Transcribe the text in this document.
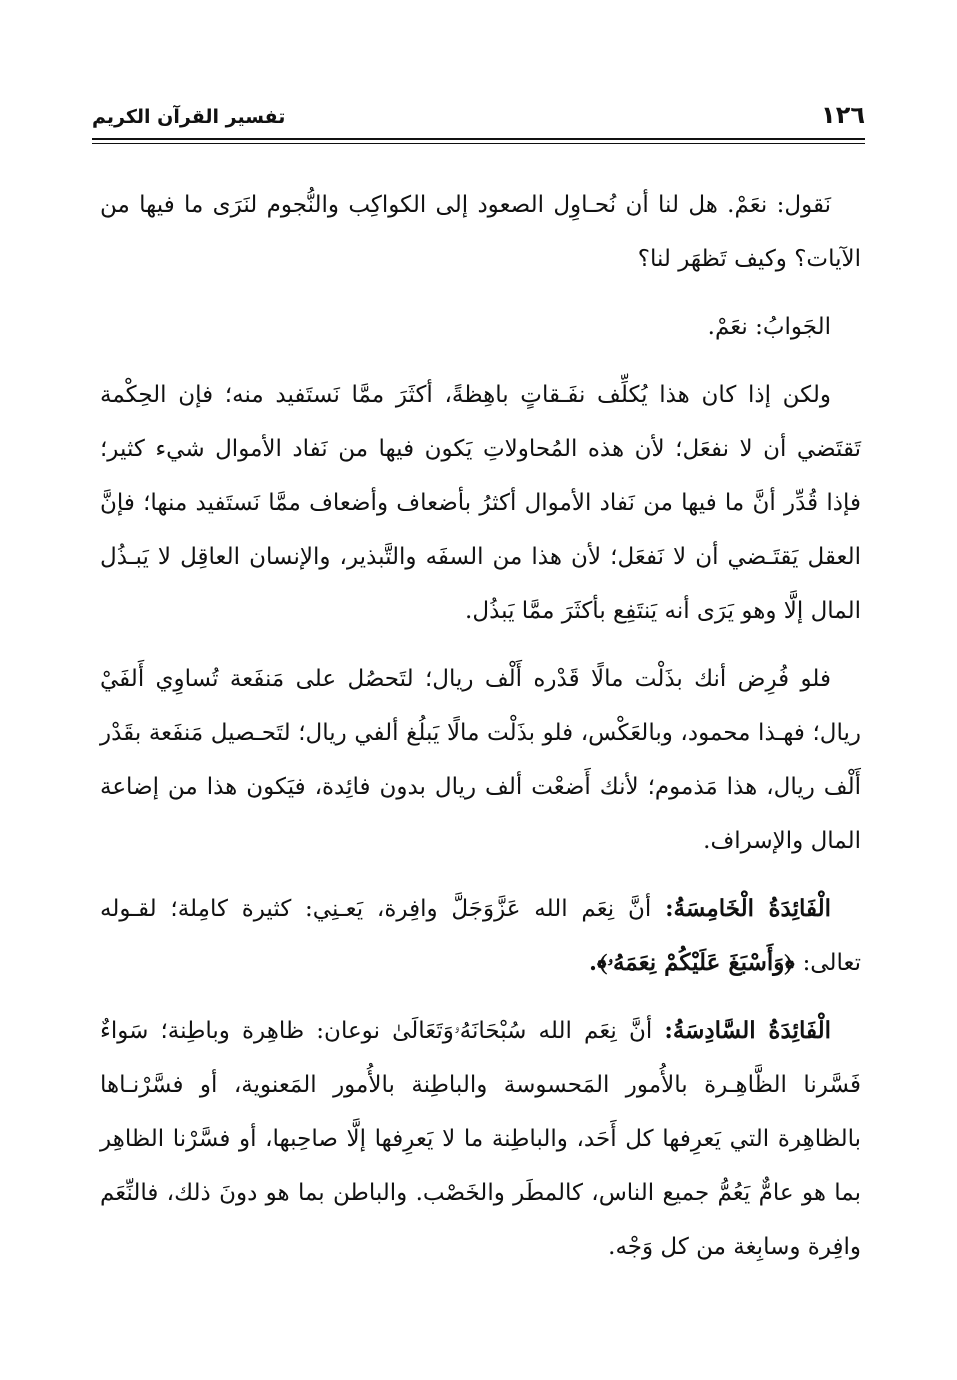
١٢٦
تفسير القرآن الكريم

نَقول: نعَمْ. هل لنا أن نُحـاوِل الصعود إلى الكواكِب والنُّجوم لنَرَى ما فيها من الآيات؟ وكيف تَظهَر لنا؟

الجَوابُ: نعَمْ.

ولكن إذا كان هذا يُكلِّف نفَـقاتٍ باهِظةً، أكثَرَ ممَّا نَستَفيد منه؛ فإن الحِكْمة تَقتَضي أن لا نفعَل؛ لأن هذه المُحاولاتِ يَكون فيها من نَفاد الأموال شيء كثير؛ فإذا قُدِّر أنَّ ما فيها من نَفاد الأموال أكثرُ بأضعاف وأضعاف ممَّا نَستَفيد منها؛ فإنَّ العقل يَقتَـضي أن لا نَفعَل؛ لأن هذا من السفَه والتَّبذير، والإنسان العاقِل لا يَبـذُل المال إلَّا وهو يَرَى أنه يَنتَفِع بأكثَرَ ممَّا يَبذُل.

فلو فُرِض أنك بذَلْت مالًا قَدْره أَلْف ريال؛ لتَحصُل على مَنفَعة تُساوِي أَلفَيْ ريال؛ فهـذا محمود، وبالعَكْس، فلو بذَلْت مالًا يَبلُغ ألفي ريال؛ لتَحـصيل مَنفَعة بقَدْر أَلْف ريال، هذا مَذموم؛ لأنك أَضعْت ألف ريال بدون فائِدة، فيَكون هذا من إضاعة المال والإسراف.

الْفَائِدَةُ الْخَامِسَةُ: أنَّ نِعَم الله عَزَّوَجَلَّ وافِرة، يَعـنِي: كثيرة كامِلة؛ لقـوله تعالى: ﴿وَأَسْبَغَ عَلَيْكُمْ نِعَمَهُۥ﴾.

الْفَائِدَةُ السَّادِسَةُ: أنَّ نِعَم الله سُبْحَانَهُۥوَتَعَالَىٰ نوعان: ظاهِرة وباطِنة؛ سَواءٌ فَسَّرنا الظَّاهِـرة بالأُمور المَحسوسة والباطِنة بالأُمور المَعنوية، أو فسَّرْنـاها بالظاهِرة التي يَعرِفها كل أَحَد، والباطِنة ما لا يَعرِفها إلَّا صاحِبها، أو فسَّرْنا الظاهِر بما هو عامٌّ يَعُمُّ جميع الناس، كالمطَر والخَصْب. والباطن بما هو دونَ ذلك، فالنِّعَم وافِرة وسابِغة من كل وَجْه.
